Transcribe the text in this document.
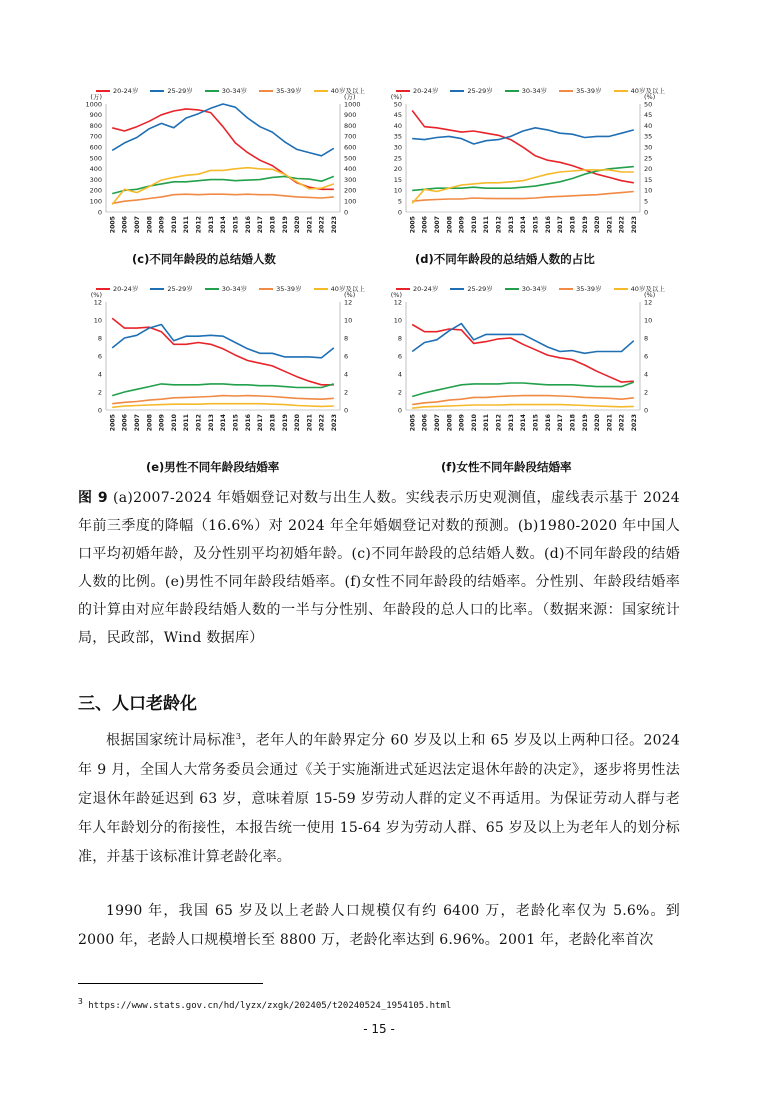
20-24岁	25-29岁	30-34岁	35-39岁	40岁及以上
(万)	(万)
0	0
100	100
200	200
300	300
400	400
500	500
600	600
700	700
800	800
900	900
1000	1000
2005 2006 2007 2008 2009 2010 2011 2012 2013 2014 2015 2016 2017 2018 2019 2020 2021 2022 2023
(c)不同年龄段的总结婚人数
20-24岁	25-29岁	30-34岁	35-39岁	40岁及以上
(%)	(%)
0	0
5	5
10	10
15	15
20	20
25	25
30	30
35	35
40	40
45	45
50	50
2005 2006 2007 2008 2009 2010 2011 2012 2013 2014 2015 2016 2017 2018 2019 2020 2021 2022 2023
(d)不同年龄段的总结婚人数的占比
20-24岁	25-29岁	30-34岁	35-39岁	40岁及以上
(%)	(%)
0	0
2	2
4	4
6	6
8	8
10	10
12	12
2005 2006 2007 2008 2009 2010 2011 2012 2013 2014 2015 2016 2017 2018 2019 2020 2021 2022 2023
(e)男性不同年龄段结婚率
20-24岁	25-29岁	30-34岁	35-39岁	40岁及以上
(%)	(%)
0	0
2	2
4	4
6	6
8	8
10	10
12	12
2005 2006 2007 2008 2009 2010 2011 2012 2013 2014 2015 2016 2017 2018 2019 2020 2021 2022 2023
(f)女性不同年龄段结婚率
图 9 (a)2007-2024 年婚姻登记对数与出生人数。实线表示历史观测值，虚线表示基于 2024 年前三季度的降幅（16.6%）对 2024 年全年婚姻登记对数的预测。(b)1980-2020 年中国人口平均初婚年龄，及分性别平均初婚年龄。(c)不同年龄段的总结婚人数。(d)不同年龄段的结婚人数的比例。(e)男性不同年龄段结婚率。(f)女性不同年龄段的结婚率。分性别、年龄段结婚率的计算由对应年龄段结婚人数的一半与分性别、年龄段的总人口的比率。（数据来源：国家统计局，民政部，Wind 数据库）
三、人口老龄化

根据国家统计局标准$^3$，老年人的年龄界定分 60 岁及以上和 65 岁及以上两种口径。2024 年 9 月，全国人大常务委员会通过《关于实施渐进式延迟法定退休年龄的决定》，逐步将男性法定退休年龄延迟到 63 岁，意味着原 15-59 岁劳动人群的定义不再适用。为保证劳动人群与老年人年龄划分的衔接性，本报告统一使用 15-64 岁为劳动人群、65 岁及以上为老年人的划分标准，并基于该标准计算老龄化率。

1990 年，我国 65 岁及以上老龄人口规模仅有约 6400 万，老龄化率仅为 5.6%。到 2000 年，老龄人口规模增长至 8800 万，老龄化率达到 6.96%。2001 年，老龄化率首次

$^3$ https://www.stats.gov.cn/hd/lyzx/zxgk/202405/t20240524_1954105.html
- 15 -
